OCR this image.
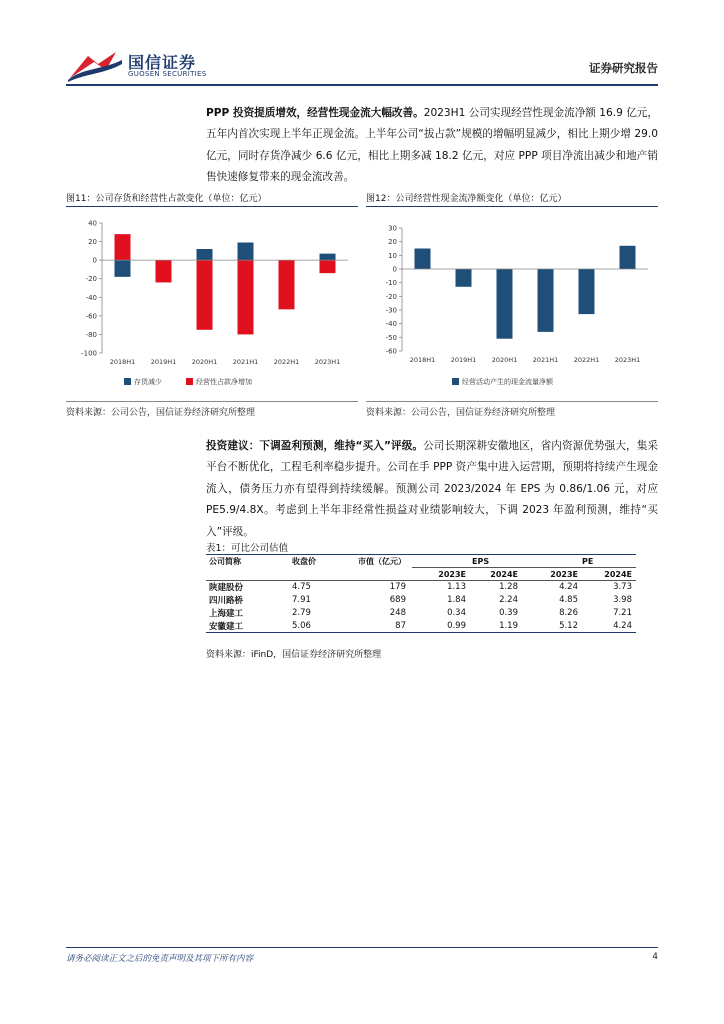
国信证券
GUOSEN SECURITIES	证券研究报告

PPP 投资提质增效，经营性现金流大幅改善。2023H1 公司实现经营性现金流净额 16.9 亿元，五年内首次实现上半年正现金流。上半年公司“拔占款”规模的增幅明显减少，相比上期少增 29.0 亿元，同时存货净减少 6.6 亿元，相比上期多减 18.2 亿元，对应 PPP 项目净流出减少和地产销售快速修复带来的现金流改善。

图11：公司存货和经营性占款变化（单位：亿元）
-100
-80
-60
-40
-20
0
20
40
2018H1 2019H1 2020H1 2021H1 2022H1 2023H1
存货减少	经营性占款净增加
资料来源：公司公告，国信证券经济研究所整理
图12：公司经营性现金流净额变化（单位：亿元）
-60
-50
-40
-30
-20
-10
0
10
20
30
2018H1 2019H1 2020H1 2021H1 2022H1 2023H1
经营活动产生的现金流量净额
资料来源：公司公告，国信证券经济研究所整理

投资建议：下调盈利预测，维持“买入”评级。公司长期深耕安徽地区，省内资源优势强大，集采平台不断优化，工程毛利率稳步提升。公司在手 PPP 资产集中进入运营期，预期将持续产生现金流入，债务压力亦有望得到持续缓解。预测公司 2023/2024 年 EPS 为 0.86/1.06 元，对应 PE5.9/4.8X。考虑到上半年非经常性损益对业绩影响较大，下调 2023 年盈利预测，维持“买入”评级。

表1：可比公司估值
公司简称	收盘价	市值（亿元）		EPS		PE
			2023E	2024E	2023E	2024E
陕建股份	4.75	179	1.13	1.28	4.24	3.73
四川路桥	7.91	689	1.84	2.24	4.85	3.98
上海建工	2.79	248	0.34	0.39	8.26	7.21
安徽建工	5.06	87	0.99	1.19	5.12	4.24
资料来源：iFinD，国信证券经济研究所整理
请务必阅读正文之后的免责声明及其项下所有内容	4
